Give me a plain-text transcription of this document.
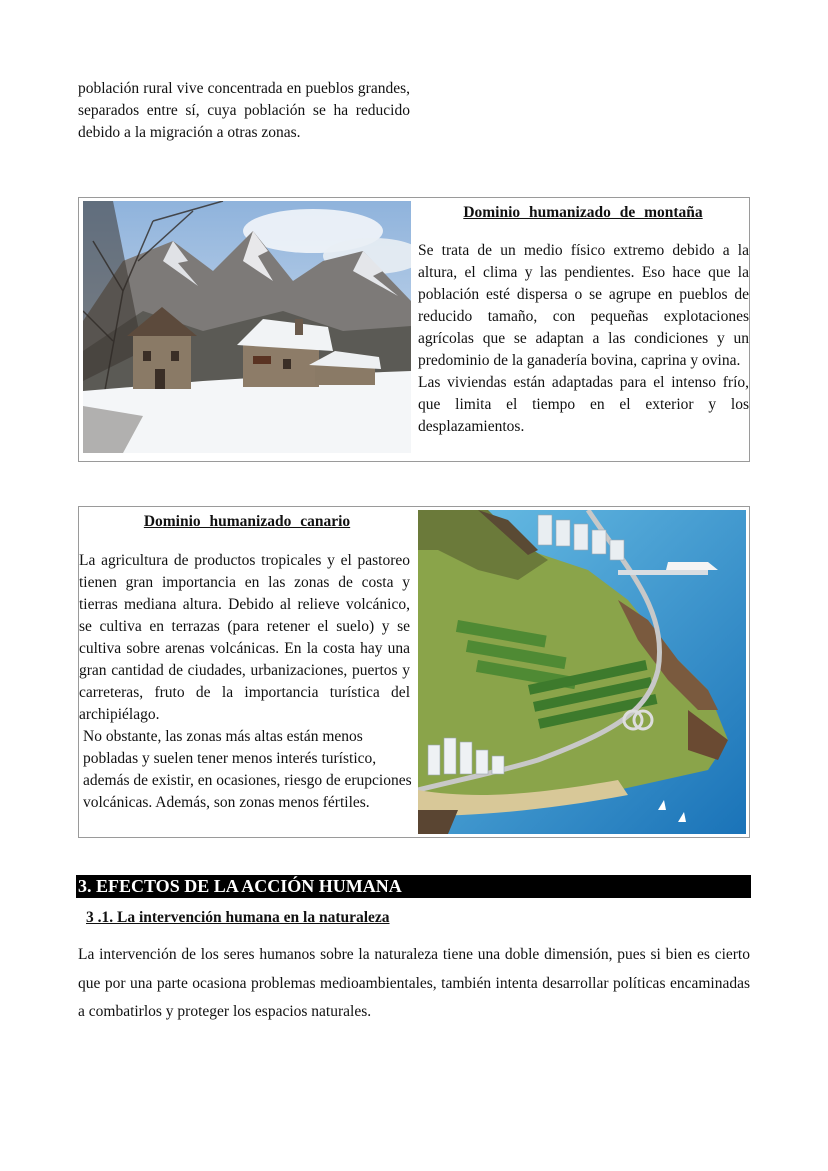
población rural vive concentrada en pueblos grandes, separados entre sí, cuya población se ha reducido debido a la migración a otras zonas.
Dominio humanizado de montaña
Se trata de un medio físico extremo debido a la altura, el clima y las pendientes. Eso hace que la población esté dispersa o se agrupe en pueblos de reducido tamaño, con pequeñas explotaciones agrícolas que se adaptan a las condiciones y un predominio de la ganadería bovina, caprina y ovina.
Las viviendas están adaptadas para el intenso frío, que limita el tiempo en el exterior y los desplazamientos.
Dominio humanizado canario
La agricultura de productos tropicales y el pastoreo tienen gran importancia en las zonas de costa y tierras mediana altura. Debido al relieve volcánico, se cultiva en terrazas (para retener el suelo) y se cultiva sobre arenas volcánicas. En la costa hay una gran cantidad de ciudades, urbanizaciones, puertos y carreteras, fruto de la importancia turística del archipiélago.
No obstante, las zonas más altas están menos pobladas y suelen tener menos interés turístico, además de existir, en ocasiones, riesgo de erupciones volcánicas. Además, son zonas menos fértiles.
3. EFECTOS DE LA ACCIÓN HUMANA
3 .1. La intervención humana en la naturaleza
La intervención de los seres humanos sobre la naturaleza tiene una doble dimensión, pues si bien es cierto que por una parte ocasiona problemas medioambientales, también intenta desarrollar políticas encaminadas a combatirlos y proteger los espacios naturales.
